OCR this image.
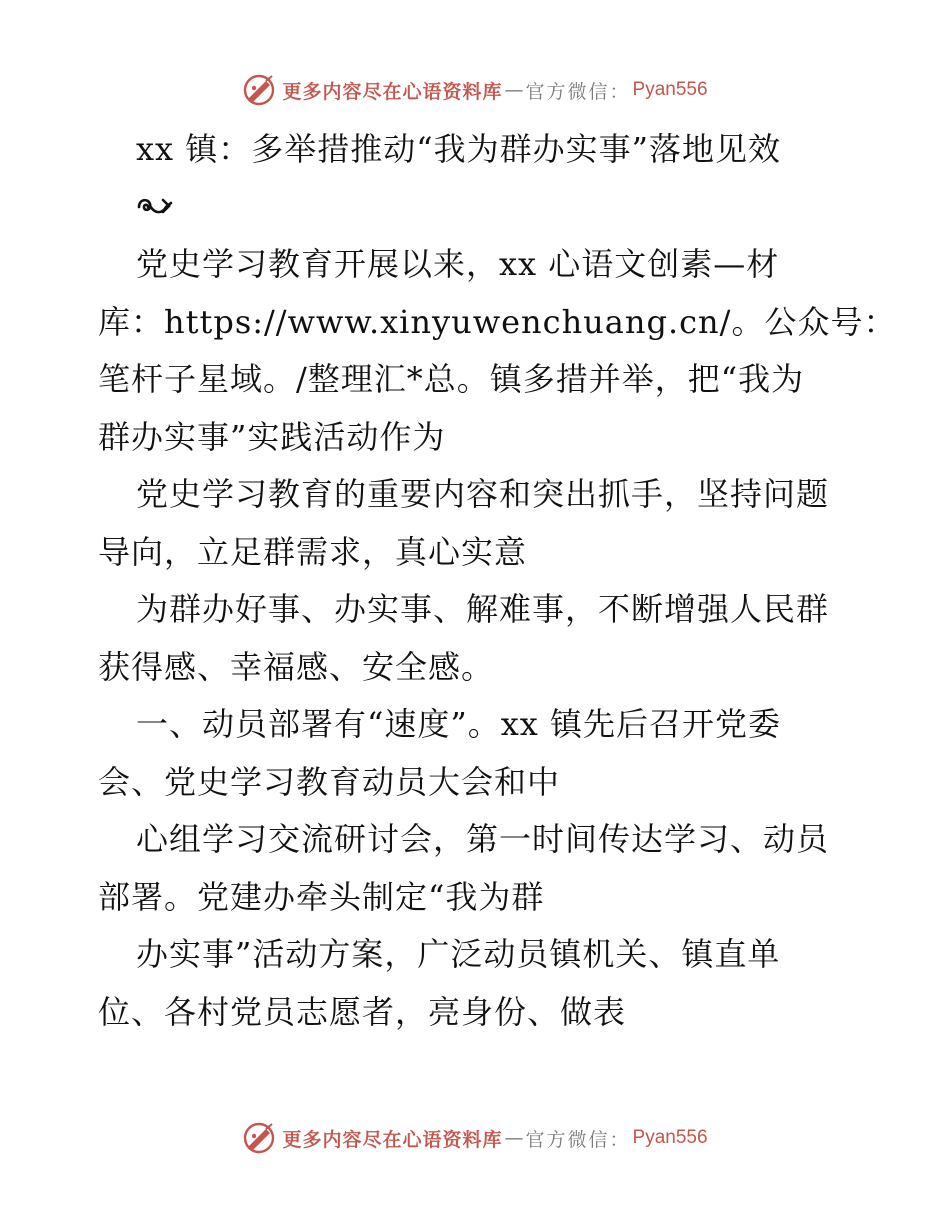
更多内容尽在心语资料库 — 官方微信 ： Pyan556
xx 镇：多举措推动“我为群办实事”落地见效
党史学习教育开展以来，xx 心语文创素—材
库：https://www.xinyuwenchuang.cn/。公众号：
笔杆子星域。/整理汇*总。镇多措并举，把“我为
群办实事”实践活动作为
党史学习教育的重要内容和突出抓手，坚持问题
导向，立足群需求，真心实意
为群办好事、办实事、解难事，不断增强人民群
获得感、幸福感、安全感。
一、动员部署有“速度”。xx 镇先后召开党委
会、党史学习教育动员大会和中
心组学习交流研讨会，第一时间传达学习、动员
部署。党建办牵头制定“我为群
办实事”活动方案，广泛动员镇机关、镇直单
位、各村党员志愿者，亮身份、做表
更多内容尽在心语资料库 — 官方微信 ： Pyan556
